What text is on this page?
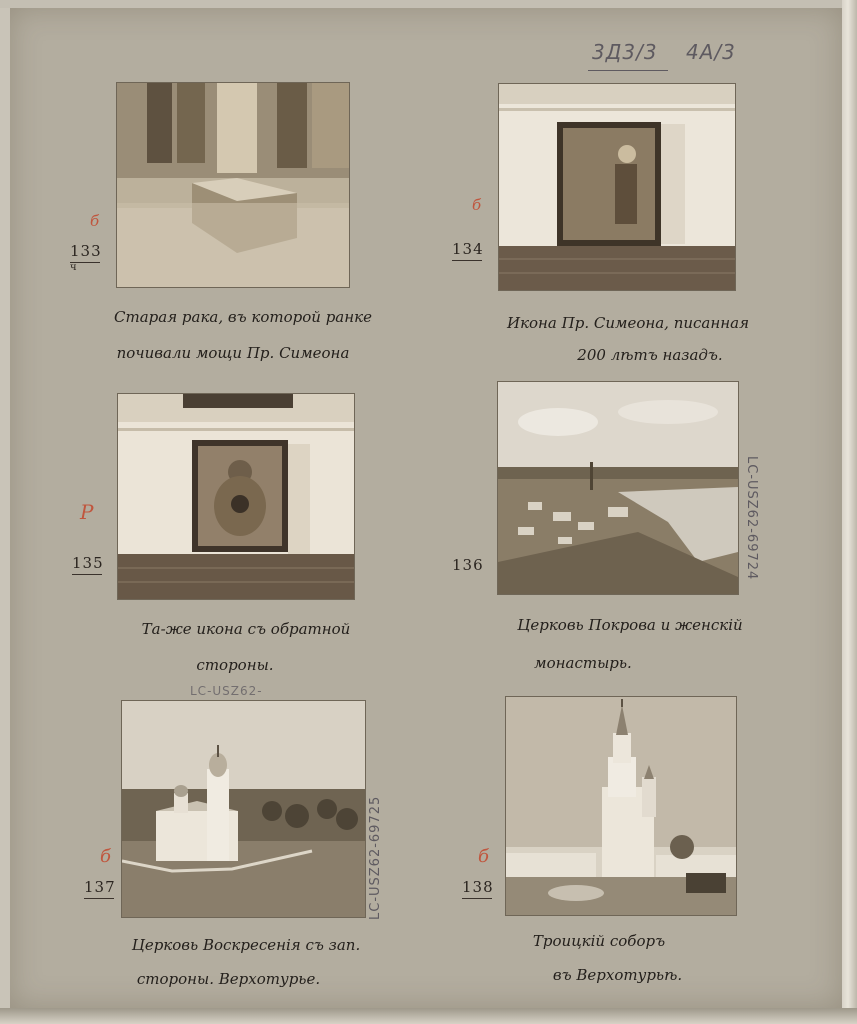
3Д3/3 4А/3
б
133
ч
Старая рака, въ которой ранке
почивали мощи Пр. Симеона
б
134
Икона Пр. Симеона, писанная
200 лѣтъ назадъ.
Р
135
Та-же икона съ обратной
стороны.
136	LC-USZ62-69724
Церковь Покрова и женскій
монастырь.
LC-USZ62-
б
137	LC-USZ62-69725
Церковь Воскресенія съ зап.
стороны. Верхотурье.
б
138
Троицкій соборъ
въ Верхотурьѣ.
